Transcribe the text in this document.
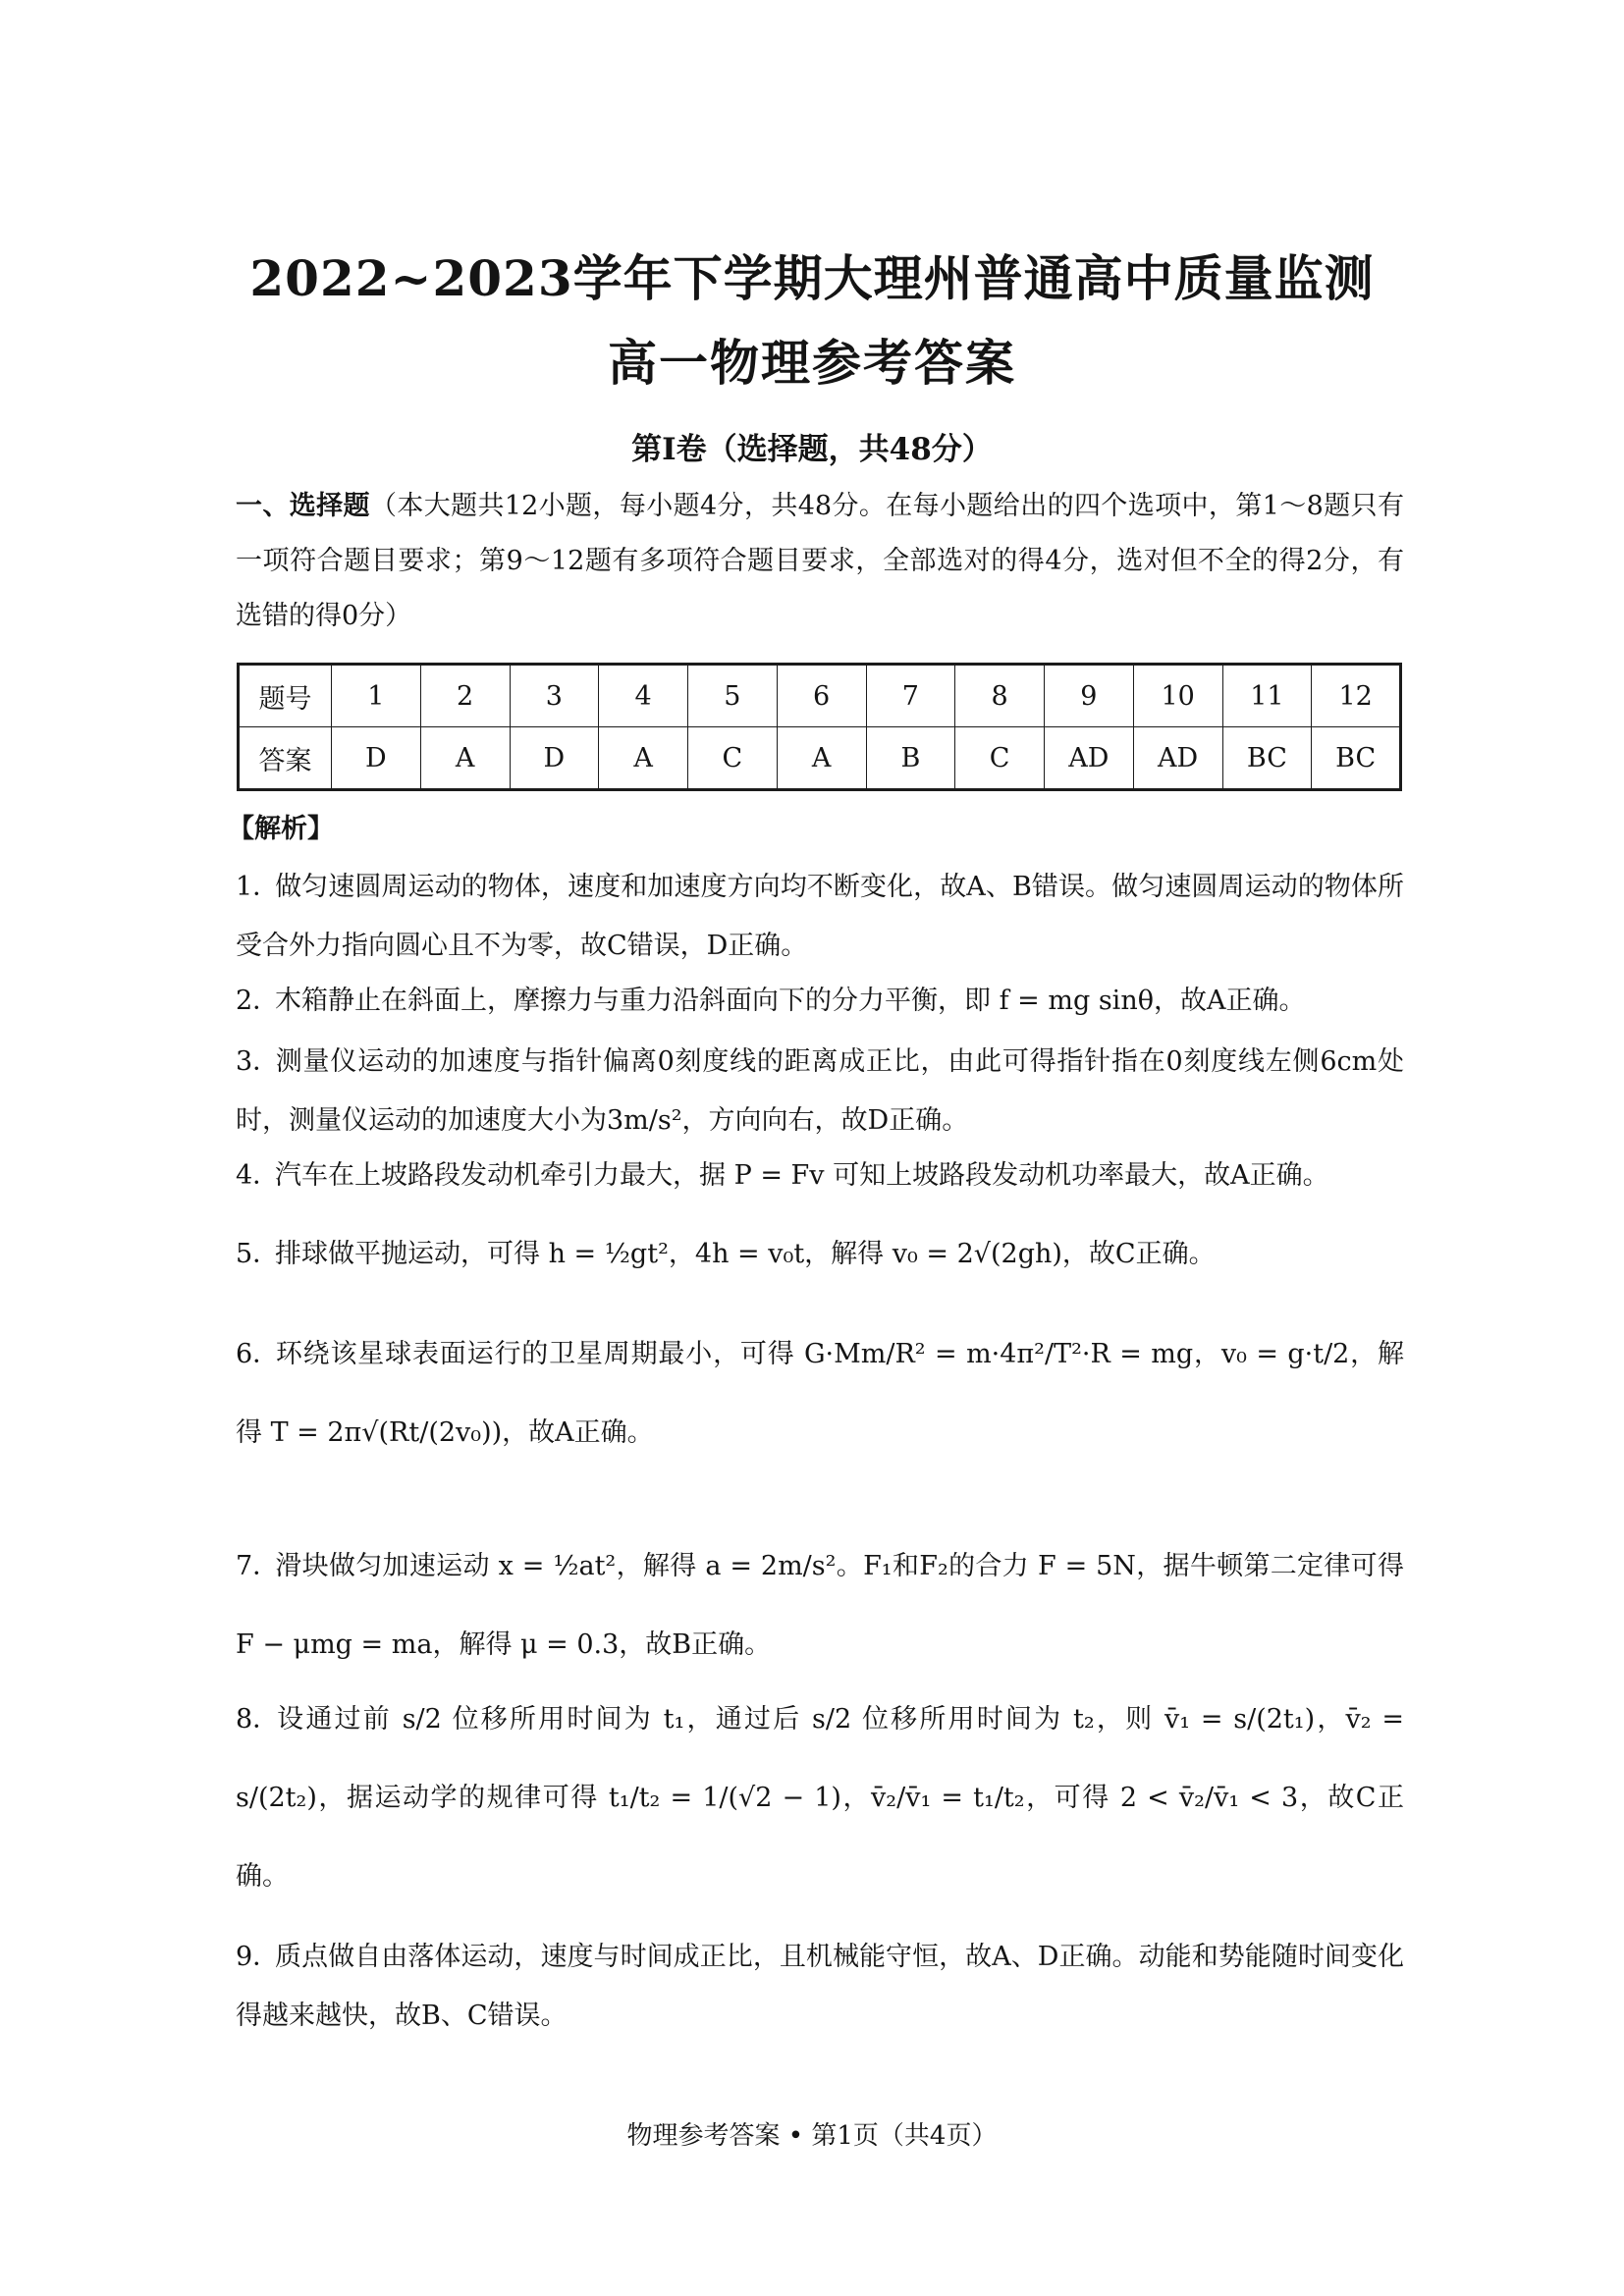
2022~2023学年下学期大理州普通高中质量监测
高一物理参考答案
第Ⅰ卷（选择题，共48分）

一、选择题（本大题共12小题，每小题4分，共48分。在每小题给出的四个选项中，第1～8题只有一项符合题目要求；第9～12题有多项符合题目要求，全部选对的得4分，选对但不全的得2分，有选错的得0分）

题号	1	2	3	4	5	6	7	8	9	10	11	12
答案	D	A	D	A	C	A	B	C	AD	AD	BC	BC

【解析】

1．做匀速圆周运动的物体，速度和加速度方向均不断变化，故A、B错误。做匀速圆周运动的物体所受合外力指向圆心且不为零，故C错误，D正确。

2．木箱静止在斜面上，摩擦力与重力沿斜面向下的分力平衡，即 f = mg sinθ，故A正确。

3．测量仪运动的加速度与指针偏离0刻度线的距离成正比，由此可得指针指在0刻度线左侧6cm处时，测量仪运动的加速度大小为3m/s²，方向向右，故D正确。

4．汽车在上坡路段发动机牵引力最大，据 P = Fv 可知上坡路段发动机功率最大，故A正确。

5．排球做平抛运动，可得 h = ½gt²，4h = v₀t，解得 v₀ = 2√(2gh)，故C正确。

6．环绕该星球表面运行的卫星周期最小，可得 G·Mm/R² = m·4π²/T²·R = mg，v₀ = g·t/2，解得 T = 2π√(Rt/(2v₀))，故A正确。

7．滑块做匀加速运动 x = ½at²，解得 a = 2m/s²。F₁和F₂的合力 F = 5N，据牛顿第二定律可得 F − μmg = ma，解得 μ = 0.3，故B正确。

8．设通过前 s/2 位移所用时间为 t₁，通过后 s/2 位移所用时间为 t₂，则 v̄₁ = s/(2t₁)，v̄₂ = s/(2t₂)，据运动学的规律可得 t₁/t₂ = 1/(√2 − 1)，v̄₂/v̄₁ = t₁/t₂，可得 2 < v̄₂/v̄₁ < 3，故C正确。

9．质点做自由落体运动，速度与时间成正比，且机械能守恒，故A、D正确。动能和势能随时间变化得越来越快，故B、C错误。

物理参考答案 • 第1页（共4页）
